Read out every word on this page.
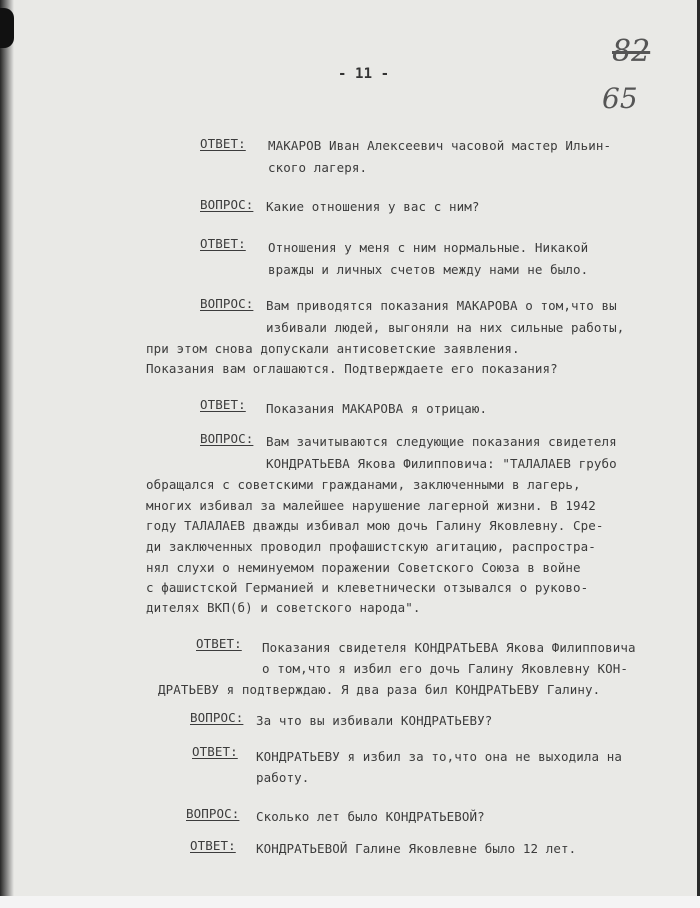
82
65
- 11 -
ОТВЕТ: МАКАРОВ Иван Алексеевич часовой мастер Ильин-
ского лагеря.
ВОПРОС: Какие отношения у вас с ним?
ОТВЕТ: Отношения у меня с ним нормальные. Никакой
вражды и личных счетов между нами не было.
ВОПРОС: Вам приводятся показания МАКАРОВА о том,что вы
избивали людей, выгоняли на них сильные работы,
при этом снова допускали антисоветские заявления.
Показания вам оглашаются. Подтверждаете его показания?
ОТВЕТ: Показания МАКАРОВА я отрицаю.
ВОПРОС: Вам зачитываются следующие показания свидетеля
КОНДРАТЬЕВА Якова Филипповича: "ТАЛАЛАЕВ грубо
обращался с советскими гражданами, заключенными в лагерь,
многих избивал за малейшее нарушение лагерной жизни. В 1942
году ТАЛАЛАЕВ дважды избивал мою дочь Галину Яковлевну. Сре-
ди заключенных проводил профашистскую агитацию, распростра-
нял слухи о неминуемом поражении Советского Союза в войне
с фашистской Германией и клеветнически отзывался о руково-
дителях ВКП(б) и советского народа".
ОТВЕТ: Показания свидетеля КОНДРАТЬЕВА Якова Филипповича
о том,что я избил его дочь Галину Яковлевну КОН-
ДРАТЬЕВУ я подтверждаю. Я два раза бил КОНДРАТЬЕВУ Галину.
ВОПРОС: За что вы избивали КОНДРАТЬЕВУ?
ОТВЕТ: КОНДРАТЬЕВУ я избил за то,что она не выходила на
работу.
ВОПРОС: Сколько лет было КОНДРАТЬЕВОЙ?
ОТВЕТ: КОНДРАТЬЕВОЙ Галине Яковлевне было 12 лет.
